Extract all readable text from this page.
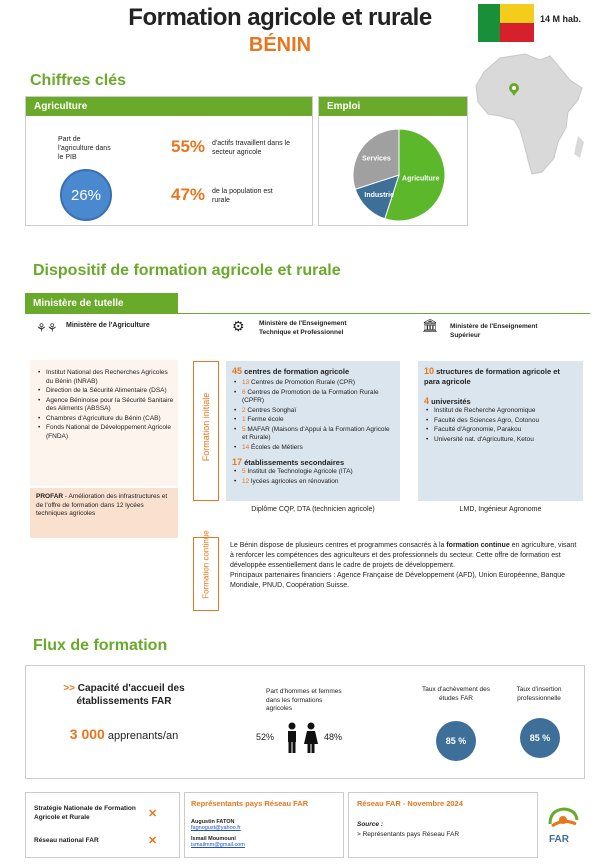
Formation agricole et rurale
BÉNIN
14 M hab.
Chiffres clés
Agriculture
Part de l'agriculture dans le PIB
26%
55% d'actifs travaillent dans le secteur agricole
47% de la population est rurale
Emploi
Agriculture
Industrie
Services
Dispositif de formation agricole et rurale
Ministère de tutelle
⚘⚘ Ministère de l'Agriculture	⚙ Ministère de l'Enseignement Technique et Professionnel	🏛 Ministère de l'Enseignement Supérieur
• Institut National des Recherches Agricoles du Bénin (INRAB)
• Direction de la Sécurité Alimentaire (DSA)
• Agence Béninoise pour la Sécurité Sanitaire des Aliments (ABSSA)
• Chambres d'Agriculture du Bénin (CAB)
• Fonds National de Développement Agricole (FNDA)
PROFAR - Amélioration des infrastructures et de l'offre de formation dans 12 lycées techniques agricoles
Formation initiale
45 centres de formation agricole
• 13 Centres de Promotion Rurale (CPR)
• 6 Centres de Promotion de la Formation Rurale (CPFR)
• 2 Centres Songhaï
• 1 Ferme école
• 5 MAFAR (Maisons d'Appui à la Formation Agricole et Rurale)
• 14 Écoles de Métiers
17 établissements secondaires
• 5 Institut de Technologie Agricole (ITA)
• 12 lycées agricoles en rénovation
Diplôme CQP, DTA (technicien agricole)
10 structures de formation agricole et para agricole
4 universités
• Institut de Recherche Agronomique
• Faculté des Sciences Agro, Cotonou
• Faculté d'Agronomie, Parakou
• Université nat. d'Agriculture, Ketou
LMD, Ingénieur Agronome
Formation continue	Le Bénin dispose de plusieurs centres et programmes consacrés à la formation continue en agriculture, visant à renforcer les compétences des agriculteurs et des professionnels du secteur. Cette offre de formation est développée essentiellement dans le cadre de projets de développement.
Principaux partenaires financiers : Agence Française de Développement (AFD), Union Européenne, Banque Mondiale, PNUD, Coopération Suisse.
Flux de formation
>> Capacité d'accueil des établissements FAR
3 000 apprenants/an
Part d'hommes et femmes dans les formations agricoles
52%	48%
Taux d'achèvement des études FAR
85 %
Taux d'insertion professionnelle
85 %
Stratégie Nationale de Formation Agricole et Rurale	✕
Réseau national FAR	✕
Représentants pays Réseau FAR
Augustin FATON
fagnogust@yahoo.fr
Ismail Moumouni
ismailmm@gmail.com
Réseau FAR - Novembre 2024
Source :
> Représentants pays Réseau FAR	FAR
